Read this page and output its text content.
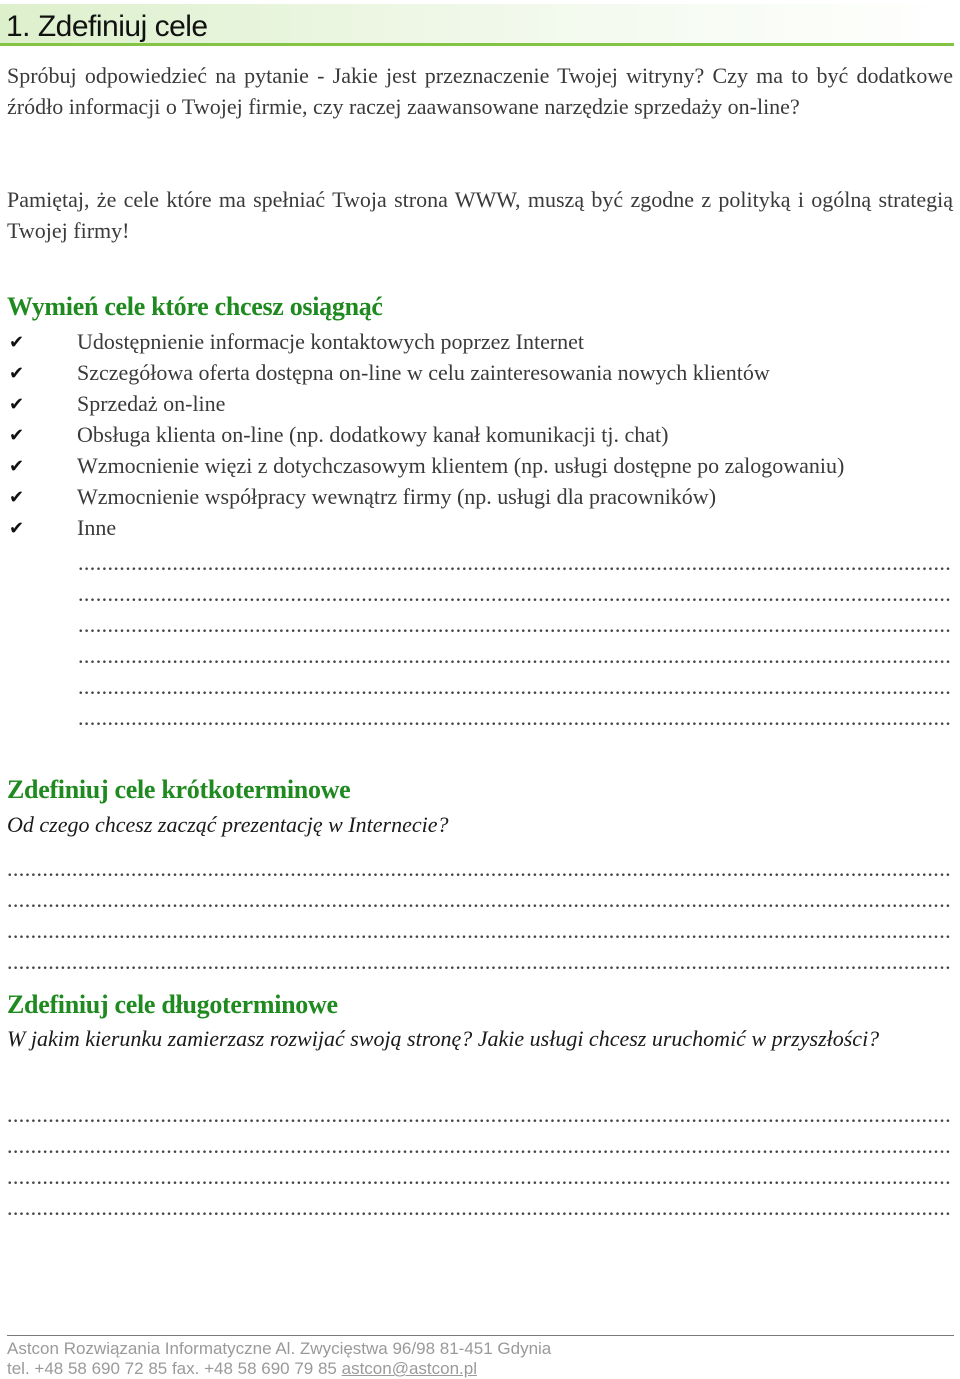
1. Zdefiniuj cele

Spróbuj odpowiedzieć na pytanie - Jakie jest przeznaczenie Twojej witryny? Czy ma to być dodatkowe źródło informacji o Twojej firmie, czy raczej zaawansowane narzędzie sprzedaży on-line?

Pamiętaj, że cele które ma spełniać Twoja strona WWW, muszą być zgodne z polityką i ogólną strategią Twojej firmy!

Wymień cele które chcesz osiągnąć
✔ Udostępnienie informacje kontaktowych poprzez Internet
✔ Szczegółowa oferta dostępna on-line w celu zainteresowania nowych klientów
✔ Sprzedaż on-line
✔ Obsługa klienta on-line (np. dodatkowy kanał komunikacji tj. chat)
✔ Wzmocnienie więzi z dotychczasowym klientem (np. usługi dostępne po zalogowaniu)
✔ Wzmocnienie współpracy wewnątrz firmy (np. usługi dla pracowników)
✔ Inne
.....
.....
.....
.....
.....
.....
Zdefiniuj cele krótkoterminowe

Od czego chcesz zacząć prezentację w Internecie?

.....
.....
.....
.....
Zdefiniuj cele długoterminowe

W jakim kierunku zamierzasz rozwijać swoją stronę? Jakie usługi chcesz uruchomić w przyszłości?

.....
.....
.....
.....
Astcon Rozwiązania Informatyczne Al. Zwycięstwa 96/98 81-451 Gdynia
tel. +48 58 690 72 85 fax. +48 58 690 79 85 astcon@astcon.pl
